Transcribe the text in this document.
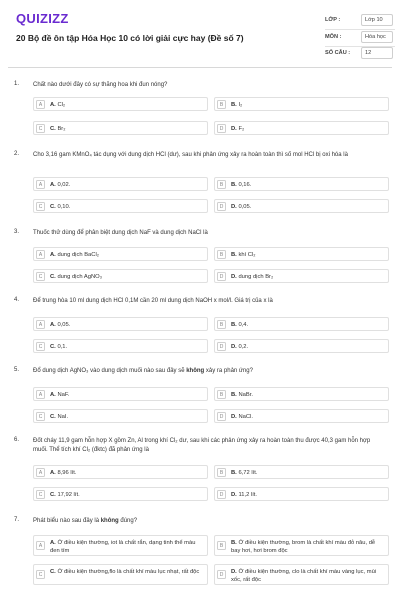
QUIZIZZ
20 Bộ đề ôn tập Hóa Học 10 có lời giải cực hay (Đề số 7)
LỚP :	Lớp 10
MÔN :	Hóa học
SỐ CÂU :	12
1. Chất nào dưới đây có sự thăng hoa khi đun nóng?
A	A. Cl₂	B	B. I₂
C	C. Br₂	D	D. F₂
2. Cho 3,16 gam KMnO₄ tác dụng với dung dịch HCl (dư), sau khi phản ứng xảy ra hoàn toàn thì số mol HCl bị oxi hóa là
A	A. 0,02.	B	B. 0,16.
C	C. 0,10.	D	D. 0,05.
3. Thuốc thử dùng để phân biệt dung dịch NaF và dung dịch NaCl là
A	A. dung dịch BaCl₂	B	B. khí Cl₂
C	C. dung dịch AgNO₃	D	D. dung dịch Br₂
4. Để trung hòa 10 ml dung dịch HCl 0,1M cần 20 ml dung dịch NaOH x mol/l. Giá trị của x là
A	A. 0,05.	B	B. 0,4.
C	C. 0,1.	D	D. 0,2.
5. Đổ dung dịch AgNO₃ vào dung dịch muối nào sau đây sẽ không xảy ra phản ứng?
A	A. NaF.	B	B. NaBr.
C	C. NaI.	D	D. NaCl.
6. Đốt cháy 11,9 gam hỗn hợp X gồm Zn, Al trong khí Cl₂ dư, sau khi các phản ứng xảy ra hoàn toàn thu được 40,3 gam hỗn hợp muối. Thể tích khí Cl₂ (đktc) đã phản ứng là
A	A. 8,96 lít.	B	B. 6,72 lít.
C	C. 17,92 lít.	D	D. 11,2 lít.
7. Phát biểu nào sau đây là không đúng?
A	A. Ở điều kiện thường, iot là chất rắn, dạng tinh thể màu đen tím
B	B. Ở điều kiện thường, brom là chất khí màu đỏ nâu, dễ bay hơi, hơi brom độc
C	C. Ở điều kiện thường,flo là chất khí màu lục nhạt, rất độc	D	D. Ở điều kiện thường, clo là chất khí màu vàng lục, mùi xốc, rất độc
